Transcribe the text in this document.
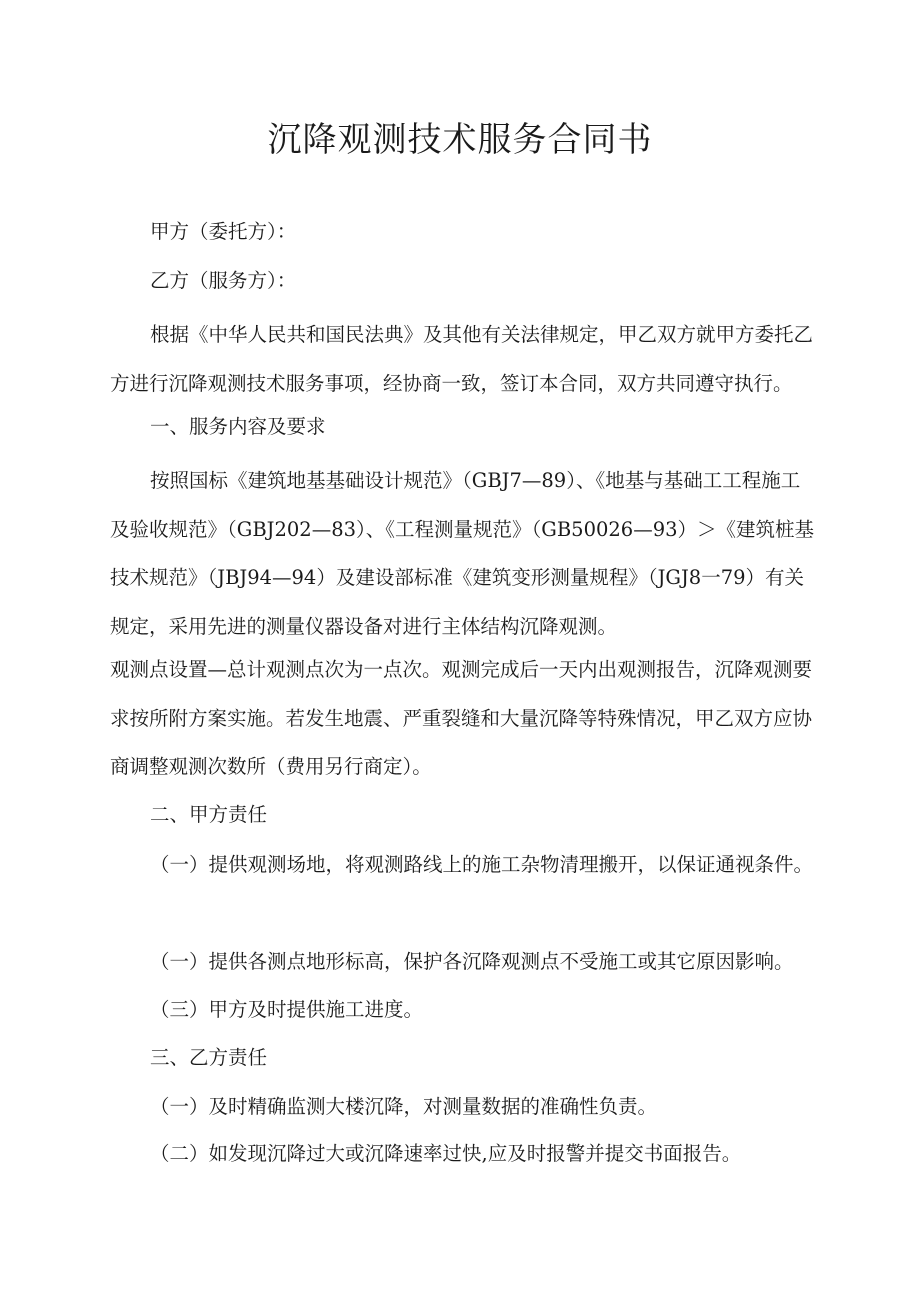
沉降观测技术服务合同书

甲方（委托方）：

乙方（服务方）：

根据《中华人民共和国民法典》及其他有关法律规定，甲乙双方就甲方委托乙方进行沉降观测技术服务事项，经协商一致，签订本合同，双方共同遵守执行。

一、服务内容及要求

按照国标《建筑地基基础设计规范》（GBJ7—89）、《地基与基础工工程施工及验收规范》（GBJ202—83）、《工程测量规范》（GB50026—93）＞《建筑桩基技术规范》（JBJ94—94）及建设部标准《建筑变形测量规程》（JGJ8一79）有关规定，采用先进的测量仪器设备对进行主体结构沉降观测。

观测点设置—总计观测点次为一点次。观测完成后一天内出观测报告，沉降观测要求按所附方案实施。若发生地震、严重裂缝和大量沉降等特殊情况，甲乙双方应协商调整观测次数所（费用另行商定）。

二、甲方责任

（一）提供观测场地，将观测路线上的施工杂物清理搬开，以保证通视条件。

（一）提供各测点地形标高，保护各沉降观测点不受施工或其它原因影响。

（三）甲方及时提供施工进度。

三、乙方责任

（一）及时精确监测大楼沉降，对测量数据的准确性负责。

（二）如发现沉降过大或沉降速率过快,应及时报警并提交书面报告。
